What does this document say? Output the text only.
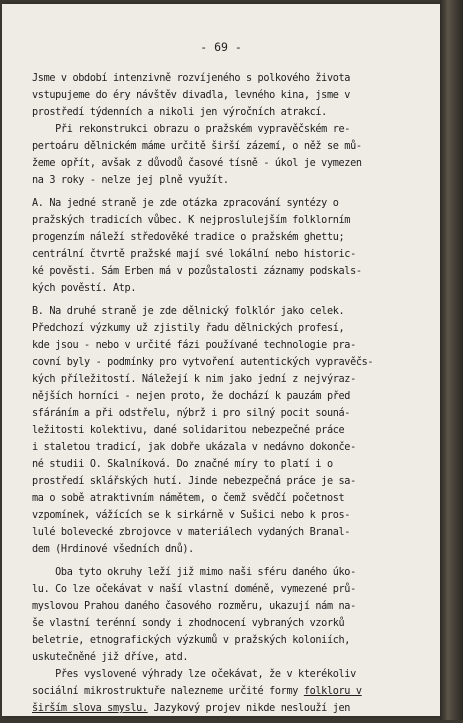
- 69 -
Jsme v období intenzivně rozvíjeného s polkového života
vstupujeme do éry návštěv divadla, levného kina, jsme v
prostředí týdenních a nikoli jen výročních atrakcí.
Při rekonstrukci obrazu o pražském vypravěčském re-
pertoáru dělnickém máme určitě širší zázemí, o něž se mů-
žeme opřít, avšak z důvodů časové tísně - úkol je vymezen
na 3 roky - nelze jej plně využít.
A. Na jedné straně je zde otázka zpracování syntézy o
pražských tradicích vůbec. K nejproslulejším folklorním
progenzím náleží středověké tradice o pražském ghettu;
centrální čtvrtě pražské mají své lokální nebo historic-
ké pověsti. Sám Erben má v pozůstalosti záznamy podskals-
kých pověstí. Atp.
B. Na druhé straně je zde dělnický folklór jako celek.
Předchozí výzkumy už zjistily řadu dělnických profesí,
kde jsou - nebo v určité fázi používané technologie pra-
covní byly - podmínky pro vytvoření autentických vypravěčs-
kých příležitostí. Náležejí k nim jako jední z nejvýraz-
nějších horníci - nejen proto, že dochází k pauzám před
sfáráním a při odstřelu, nýbrž i pro silný pocit souná-
ležitosti kolektivu, dané solidaritou nebezpečné práce
i staletou tradicí, jak dobře ukázala v nedávno dokonče-
né studii O. Skalníková. Do značné míry to platí i o
prostředí sklářských hutí. Jinde nebezpečná práce je sa-
ma o sobě atraktivním námětem, o čemž svědčí početnost
vzpomínek, vážících se k sirkárně v Sušici nebo k pros-
lulé bolevecké zbrojovce v materiálech vydaných Branal-
dem (Hrdinové všedních dnů).
Oba tyto okruhy leží již mimo naši sféru daného úko-
lu. Co lze očekávat v naší vlastní doméně, vymezené prů-
myslovou Prahou daného časového rozměru, ukazují nám na-
še vlastní terénní sondy i zhodnocení vybraných vzorků
beletrie, etnografických výzkumů v pražských koloniích,
uskutečněné již dříve, atd.
Přes vyslovené výhrady lze očekávat, že v kterékoliv
sociální mikrostruktuře nalezneme určité formy folkloru v
širším slova smyslu. Jazykový projev nikde neslouží jen
